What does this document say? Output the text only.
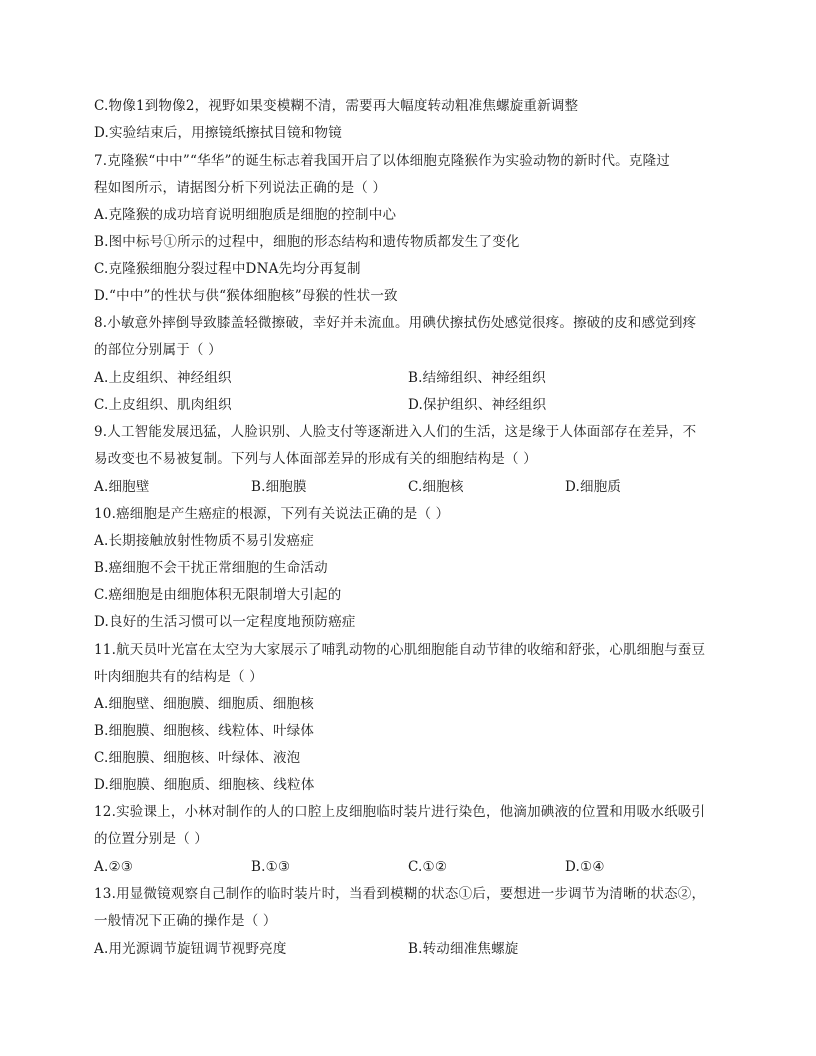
C.物像1到物像2，视野如果变模糊不清，需要再大幅度转动粗准焦螺旋重新调整
D.实验结束后，用擦镜纸擦拭目镜和物镜
7.克隆猴“中中”“华华”的诞生标志着我国开启了以体细胞克隆猴作为实验动物的新时代。克隆过
程如图所示，请据图分析下列说法正确的是（ ）
A.克隆猴的成功培育说明细胞质是细胞的控制中心
B.图中标号①所示的过程中，细胞的形态结构和遗传物质都发生了变化
C.克隆猴细胞分裂过程中DNA先均分再复制
D.“中中”的性状与供“猴体细胞核”母猴的性状一致
8.小敏意外摔倒导致膝盖轻微擦破，幸好并未流血。用碘伏擦拭伤处感觉很疼。擦破的皮和感觉到疼
的部位分别属于（ ）
A.上皮组织、神经组织	B.结缔组织、神经组织
C.上皮组织、肌肉组织	D.保护组织、神经组织
9.人工智能发展迅猛，人脸识别、人脸支付等逐渐进入人们的生活，这是缘于人体面部存在差异，不
易改变也不易被复制。下列与人体面部差异的形成有关的细胞结构是（ ）
A.细胞壁	B.细胞膜	C.细胞核	D.细胞质
10.癌细胞是产生癌症的根源，下列有关说法正确的是（ ）
A.长期接触放射性物质不易引发癌症
B.癌细胞不会干扰正常细胞的生命活动
C.癌细胞是由细胞体积无限制增大引起的
D.良好的生活习惯可以一定程度地预防癌症
11.航天员叶光富在太空为大家展示了哺乳动物的心肌细胞能自动节律的收缩和舒张，心肌细胞与蚕豆
叶肉细胞共有的结构是（ ）
A.细胞壁、细胞膜、细胞质、细胞核
B.细胞膜、细胞核、线粒体、叶绿体
C.细胞膜、细胞核、叶绿体、液泡
D.细胞膜、细胞质、细胞核、线粒体
12.实验课上，小林对制作的人的口腔上皮细胞临时装片进行染色，他滴加碘液的位置和用吸水纸吸引
的位置分别是（ ）
A.②③	B.①③	C.①②	D.①④
13.用显微镜观察自己制作的临时装片时，当看到模糊的状态①后，要想进一步调节为清晰的状态②，
一般情况下正确的操作是（ ）
A.用光源调节旋钮调节视野亮度	B.转动细准焦螺旋
